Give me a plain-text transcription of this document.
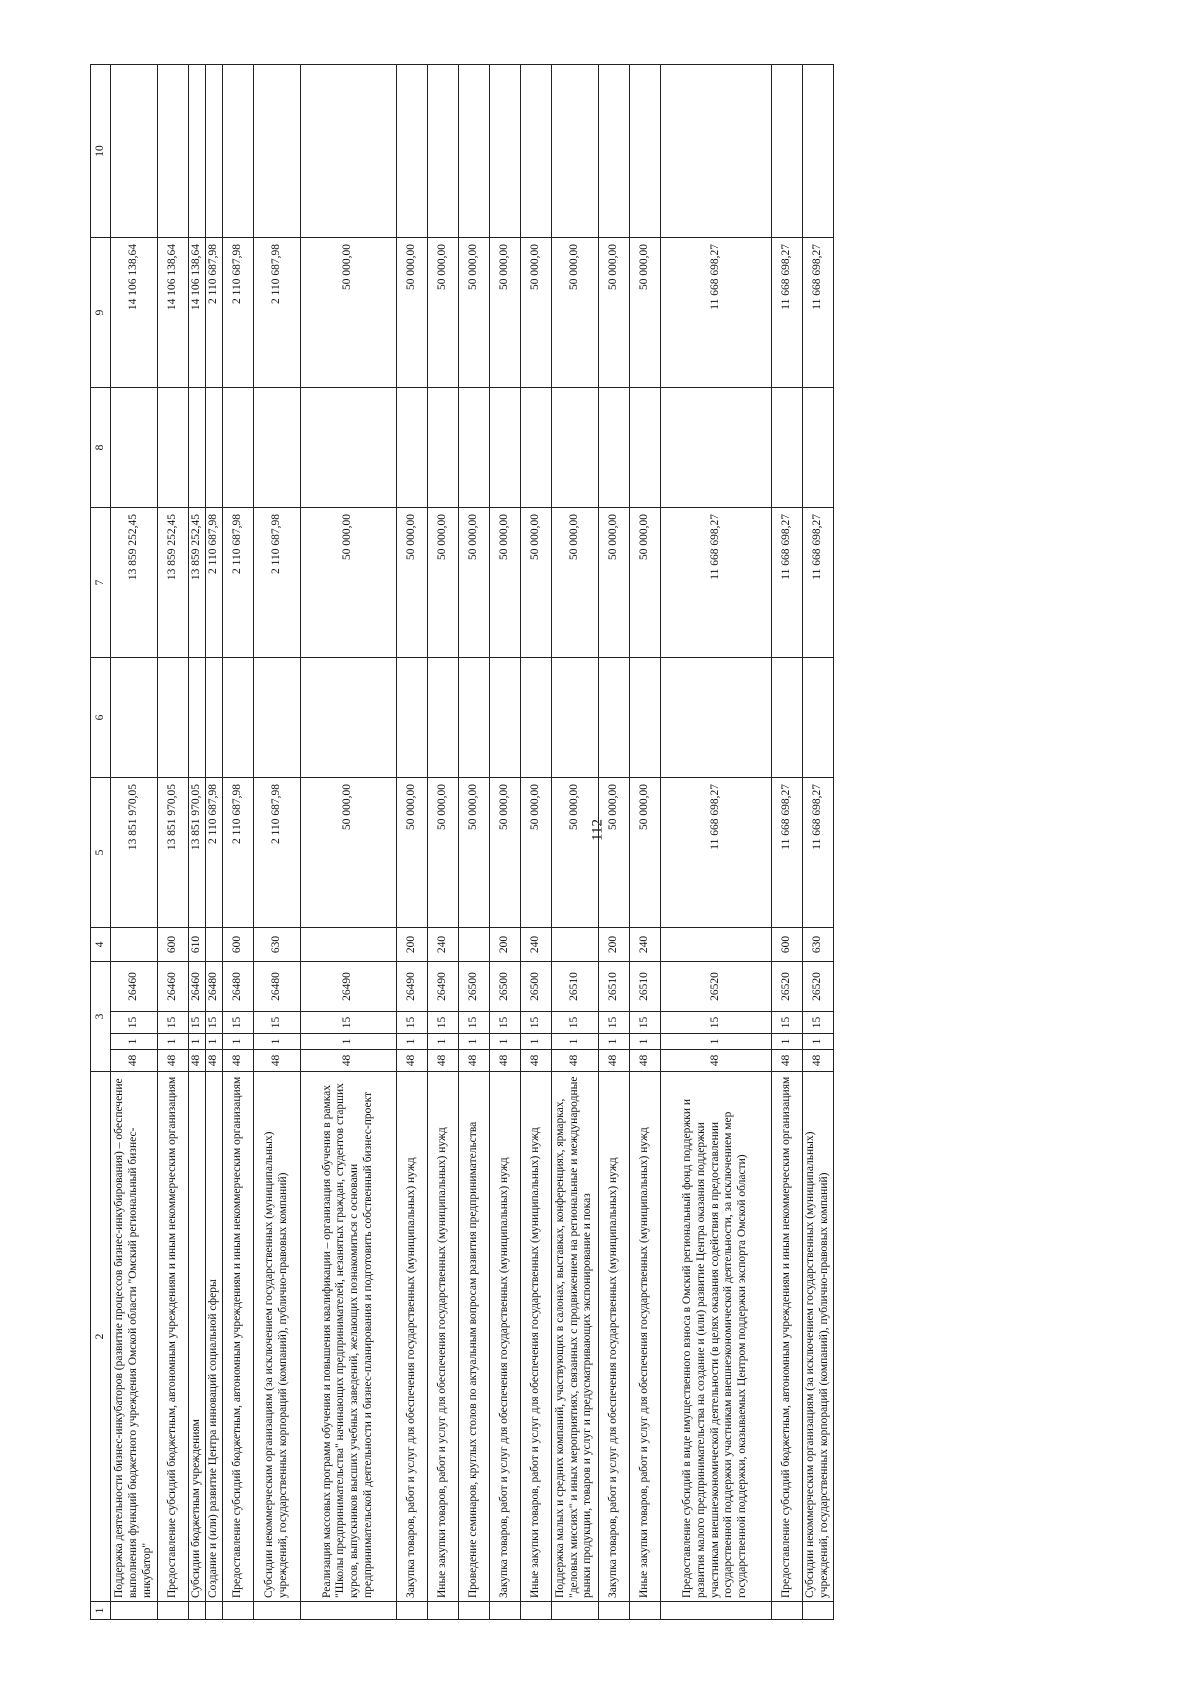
112
1	2	3				4	5	6	7	8	9	10
	Поддержка деятельности бизнес-инкубаторов (развитие процессов бизнес-инкубирования) – обеспечение выполнения функций бюджетного учреждения Омской области "Омский региональный бизнес-инкубатор"	48	1	15	26460		13 851 970,05		13 859 252,45		14 106 138,64	
	Предоставление субсидий бюджетным, автономным учреждениям и иным некоммерческим организациям	48	1	15	26460	600	13 851 970,05		13 859 252,45		14 106 138,64	
	Субсидии бюджетным учреждениям	48	1	15	26460	610	13 851 970,05		13 859 252,45		14 106 138,64	
	Создание и (или) развитие Центра инноваций социальной сферы	48	1	15	26480		2 110 687,98		2 110 687,98		2 110 687,98	
	Предоставление субсидий бюджетным, автономным учреждениям и иным некоммерческим организациям	48	1	15	26480	600	2 110 687,98		2 110 687,98		2 110 687,98	
	Субсидии некоммерческим организациям (за исключением государственных (муниципальных) учреждений, государственных корпораций (компаний), публично-правовых компаний)	48	1	15	26480	630	2 110 687,98		2 110 687,98		2 110 687,98	
	Реализация массовых программ обучения и повышения квалификации – организация обучения в рамках "Школы предпринимательства" начинающих предпринимателей, незанятых граждан, студентов старших курсов, выпускников высших учебных заведений, желающих познакомиться с основами предпринимательской деятельности и бизнес-планирования и подготовить собственный бизнес-проект	48	1	15	26490		50 000,00		50 000,00		50 000,00	
	Закупка товаров, работ и услуг для обеспечения государственных (муниципальных) нужд	48	1	15	26490	200	50 000,00		50 000,00		50 000,00	
	Иные закупки товаров, работ и услуг для обеспечения государственных (муниципальных) нужд	48	1	15	26490	240	50 000,00		50 000,00		50 000,00	
	Проведение семинаров, круглых столов по актуальным вопросам развития предпринимательства	48	1	15	26500		50 000,00		50 000,00		50 000,00	
	Закупка товаров, работ и услуг для обеспечения государственных (муниципальных) нужд	48	1	15	26500	200	50 000,00		50 000,00		50 000,00	
	Иные закупки товаров, работ и услуг для обеспечения государственных (муниципальных) нужд	48	1	15	26500	240	50 000,00		50 000,00		50 000,00	
	Поддержка малых и средних компаний, участвующих в салонах, выставках, конференциях, ярмарках, "деловых миссиях" и иных мероприятиях, связанных с продвижением на региональные и международные рынки продукции, товаров и услуг и предусматривающих экспонирование и показ	48	1	15	26510		50 000,00		50 000,00		50 000,00	
	Закупка товаров, работ и услуг для обеспечения государственных (муниципальных) нужд	48	1	15	26510	200	50 000,00		50 000,00		50 000,00	
	Иные закупки товаров, работ и услуг для обеспечения государственных (муниципальных) нужд	48	1	15	26510	240	50 000,00		50 000,00		50 000,00	
	Предоставление субсидий в виде имущественного взноса в Омский региональный фонд поддержки и развития малого предпринимательства на создание и (или) развитие Центра оказания поддержки участникам внешнеэкономической деятельности (в целях оказания содействия в предоставлении государственной поддержки участникам внешнеэкономической деятельности, за исключением мер государственной поддержки, оказываемых Центром поддержки экспорта Омской области)	48	1	15	26520		11 668 698,27		11 668 698,27		11 668 698,27	
	Предоставление субсидий бюджетным, автономным учреждениям и иным некоммерческим организациям	48	1	15	26520	600	11 668 698,27		11 668 698,27		11 668 698,27	
	Субсидии некоммерческим организациям (за исключением государственных (муниципальных) учреждений, государственных корпораций (компаний), публично-правовых компаний)	48	1	15	26520	630	11 668 698,27		11 668 698,27		11 668 698,27	
